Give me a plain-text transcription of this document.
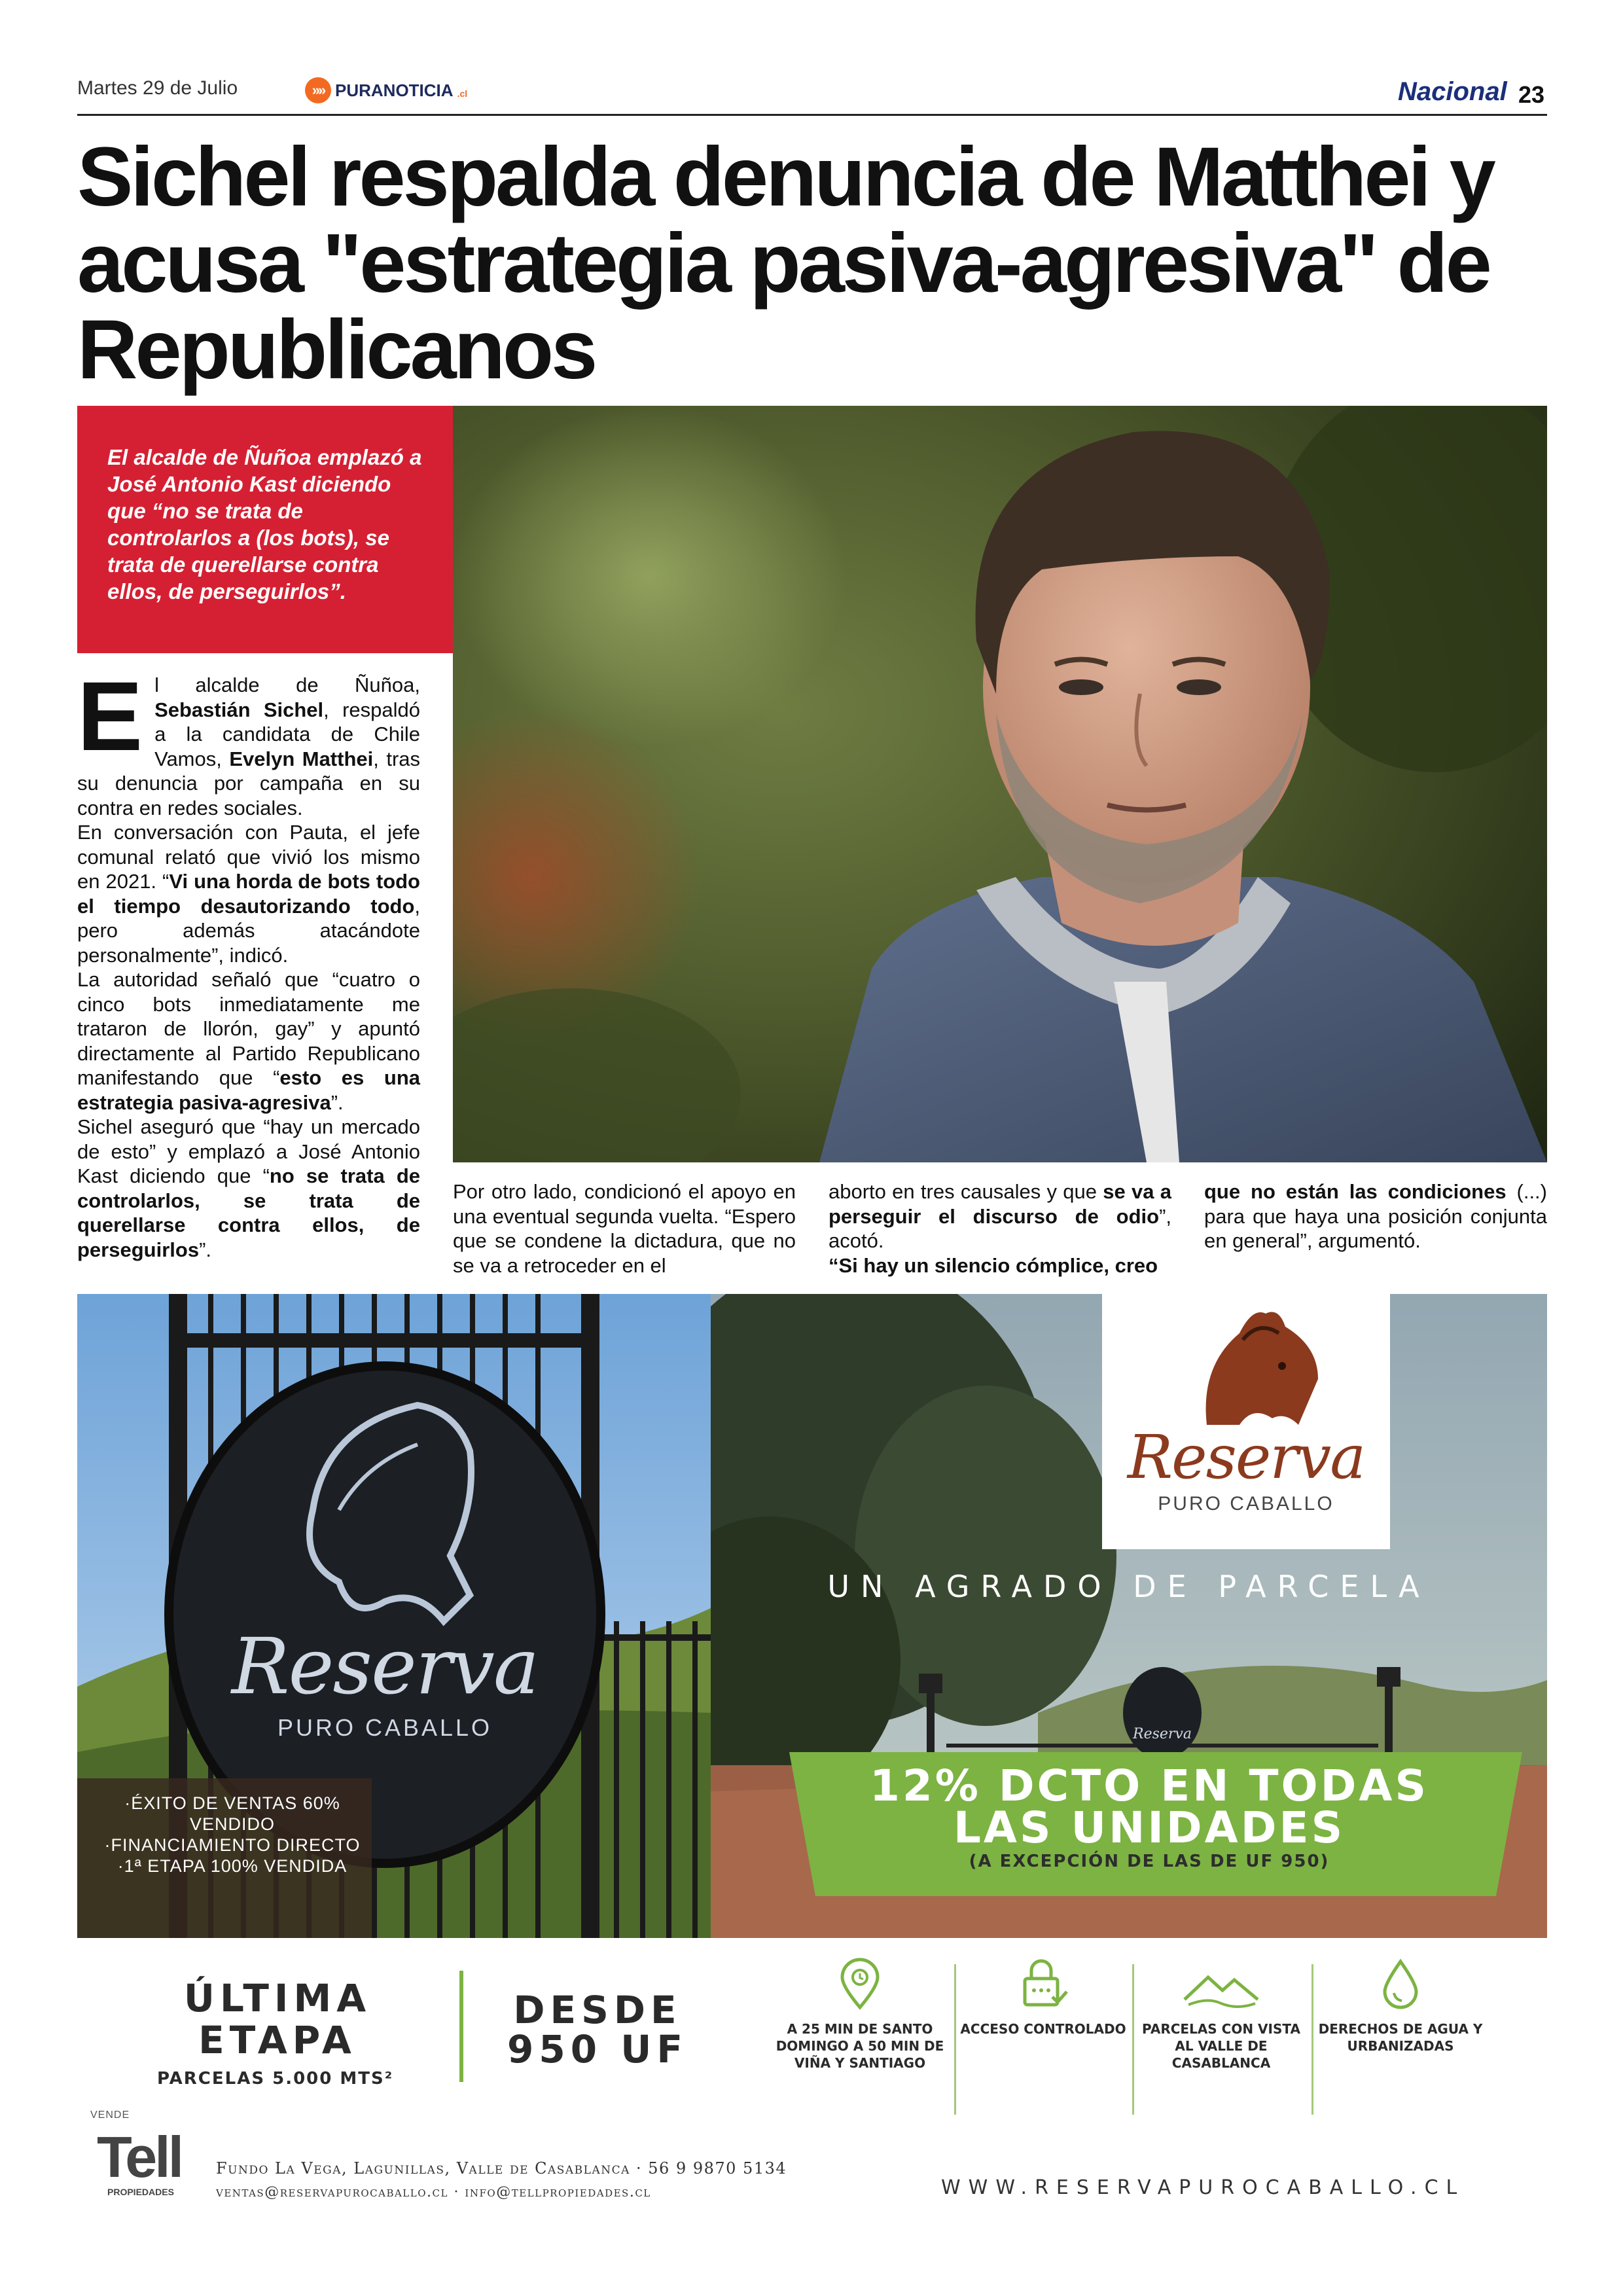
Martes 29 de Julio	»» PURANOTICIA .cl	Nacional 23
Sichel respalda denuncia de Matthei y acusa "estrategia pasiva-agresiva" de Republicanos

El alcalde de Ñuñoa emplazó a José Antonio Kast diciendo que “no se trata de controlarlos a (los bots), se trata de querellarse contra ellos, de perseguirlos”.

El alcalde de Ñuñoa, Sebastián Sichel, respaldó a la candidata de Chile Vamos, Evelyn Matthei, tras su denuncia por campaña en su contra en redes sociales.

En conversación con Pauta, el jefe comunal relató que vivió los mismo en 2021. “Vi una horda de bots todo el tiempo desautorizando todo, pero además atacándote personalmente”, indicó.

La autoridad señaló que “cuatro o cinco bots inmediatamente me trataron de llorón, gay” y apuntó directamente al Partido Republicano manifestando que “esto es una estrategia pasiva-agresiva”.

Sichel aseguró que “hay un mercado de esto” y emplazó a José Antonio Kast diciendo que “no se trata de controlarlos, se trata de querellarse contra ellos, de perseguirlos”.

Por otro lado, condicionó el apoyo en una eventual segunda vuelta. “Espero que se condene la dictadura, que no se va a retroceder en el

aborto en tres causales y que se va a perseguir el discurso de odio”, acotó.

“Si hay un silencio cómplice, creo

que no están las condiciones (...) para que haya una posición conjunta en general”, argumentó.

Reserva
PURO CABALLO
·ÉXITO DE VENTAS 60% VENDIDO
·FINANCIAMIENTO DIRECTO
·1ª ETAPA 100% VENDIDA
Reserva
Reserva
PURO CABALLO
UN AGRADO DE PARCELA
12% DCTO EN TODAS
LAS UNIDADES
(A EXCEPCIÓN DE LAS DE UF 950)
ÚLTIMA
ETAPA
PARCELAS 5.000 MTS²
DESDE
950 UF	A 25 MIN DE SANTO DOMINGO A 50 MIN DE VIÑA Y SANTIAGO
ACCESO CONTROLADO	PARCELAS CON VISTA AL VALLE DE CASABLANCA
DERECHOS DE AGUA Y URBANIZADAS
VENDE
Tell
PROPIEDADES
Fundo La Vega, Lagunillas, Valle de Casablanca · 56 9 9870 5134
ventas@reservapurocaballo.cl · info@tellpropiedades.cl	WWW.RESERVAPUROCABALLO.CL
